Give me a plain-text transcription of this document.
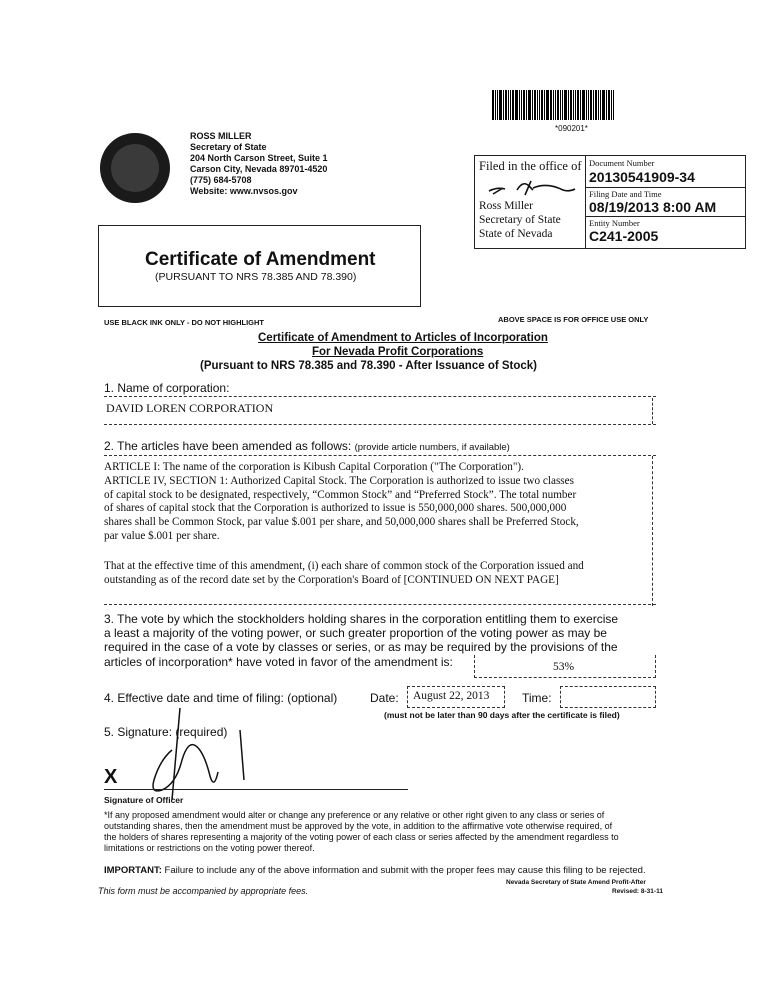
*090201*
ROSS MILLER
Secretary of State
204 North Carson Street, Suite 1
Carson City, Nevada 89701-4520
(775) 684-5708
Website: www.nvsos.gov
Filed in the office of
Ross Miller
Secretary of State
State of Nevada
Document Number
20130541909-34
Filing Date and Time
08/19/2013 8:00 AM
Entity Number
C241-2005
Certificate of Amendment
(PURSUANT TO NRS 78.385 AND 78.390)
USE BLACK INK ONLY - DO NOT HIGHLIGHT	ABOVE SPACE IS FOR OFFICE USE ONLY
Certificate of Amendment to Articles of Incorporation
For Nevada Profit Corporations
(Pursuant to NRS 78.385 and 78.390 - After Issuance of Stock)
1. Name of corporation:
DAVID LOREN CORPORATION
2. The articles have been amended as follows: (provide article numbers, if available)
ARTICLE I: The name of the corporation is Kibush Capital Corporation ("The Corporation").
ARTICLE IV, SECTION 1: Authorized Capital Stock. The Corporation is authorized to issue two classes
of capital stock to be designated, respectively, “Common Stock” and “Preferred Stock”. The total number
of shares of capital stock that the Corporation is authorized to issue is 550,000,000 shares. 500,000,000
shares shall be Common Stock, par value $.001 per share, and 50,000,000 shares shall be Preferred Stock,
par value $.001 per share.
That at the effective time of this amendment, (i) each share of common stock of the Corporation issued and
outstanding as of the record date set by the Corporation's Board of [CONTINUED ON NEXT PAGE]
3. The vote by which the stockholders holding shares in the corporation entitling them to exercise
a least a majority of the voting power, or such greater proportion of the voting power as may be
required in the case of a vote by classes or series, or as may be required by the provisions of the
articles of incorporation* have voted in favor of the amendment is:	53%
4. Effective date and time of filing: (optional)	Date: August 22, 2013	Time:
(must not be later than 90 days after the certificate is filed)
5. Signature: (required)
X
Signature of Officer
*If any proposed amendment would alter or change any preference or any relative or other right given to any class or series of
outstanding shares, then the amendment must be approved by the vote, in addition to the affirmative vote otherwise required, of
the holders of shares representing a majority of the voting power of each class or series affected by the amendment regardless to
limitations or restrictions on the voting power thereof.
IMPORTANT: Failure to include any of the above information and submit with the proper fees may cause this filing to be rejected.
This form must be accompanied by appropriate fees.
Nevada Secretary of State Amend Profit-After
Revised: 8-31-11
